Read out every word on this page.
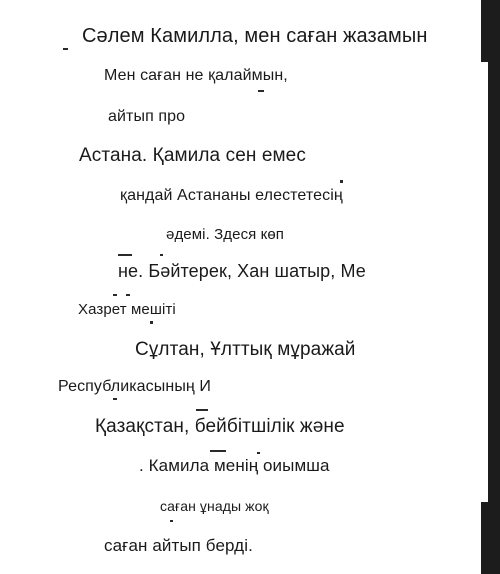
Сәлем Камилла, мен саған жазамын

Мен саған не қалаймын,

айтып про

Астана. Қамила сен емес

қандай Астананы елестетесің

әдемі. Здеся көп

не. Бәйтерек, Хан шатыр, Ме

Хазрет мешіті

Сұлтан, Ұлттық мұражай

Республикасының И

Қазақстан, бейбітшілік және

. Камила менің оиымша

саған ұнады жоқ

саған айтып берді.
